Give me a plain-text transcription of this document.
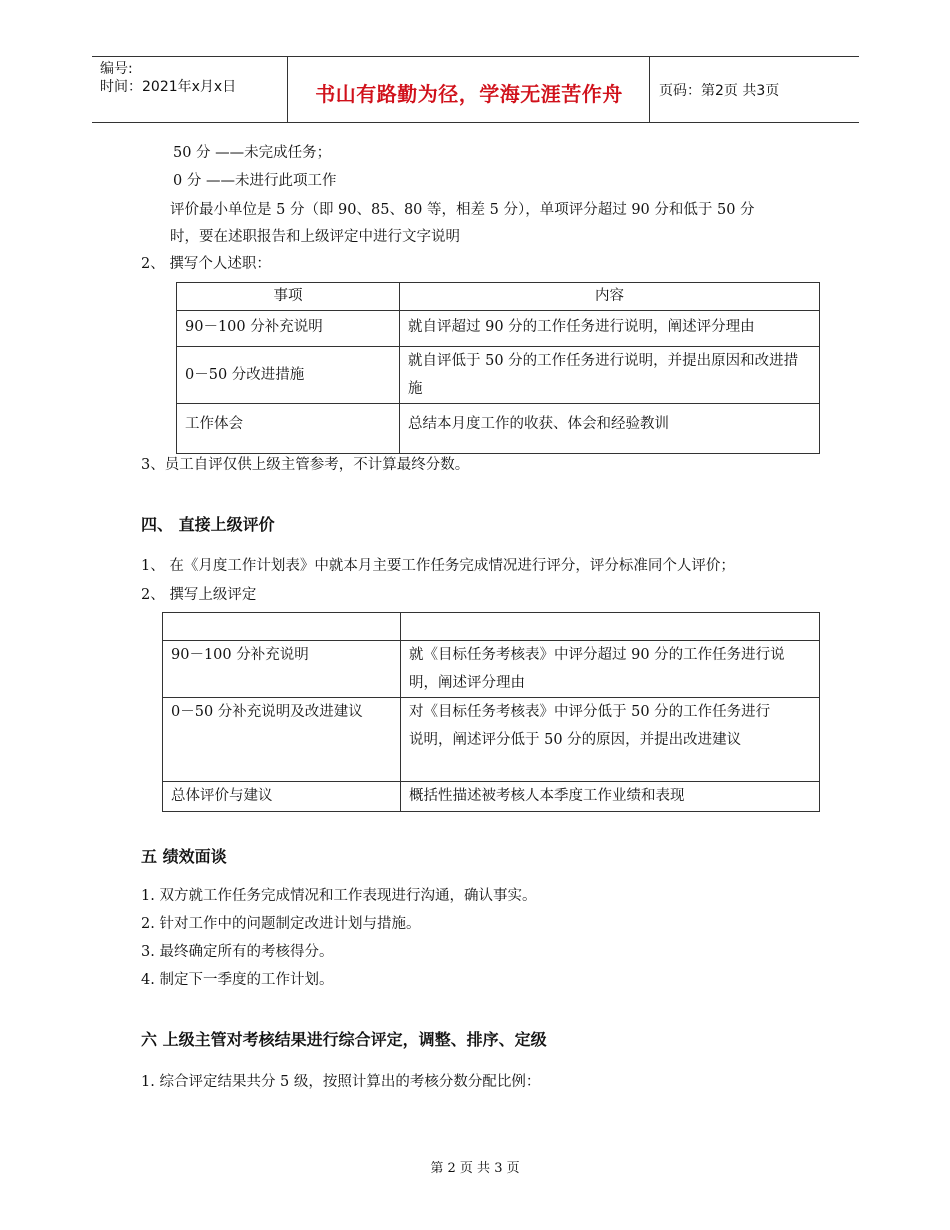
编号:
时间：2021年x月x日	书山有路勤为径，学海无涯苦作舟	页码：第2页 共3页
50 分 ——未完成任务；
0 分 ——未进行此项工作
评价最小单位是 5 分（即 90、85、80 等，相差 5 分），单项评分超过 90 分和低于 50 分
时，要在述职报告和上级评定中进行文字说明
2、 撰写个人述职：
事项	内容
90－100 分补充说明	就自评超过 90 分的工作任务进行说明，阐述评分理由
0－50 分改进措施	就自评低于 50 分的工作任务进行说明，并提出原因和改进措施
工作体会	总结本月度工作的收获、体会和经验教训
3、员工自评仅供上级主管参考，不计算最终分数。
四、 直接上级评价
1、 在《月度工作计划表》中就本月主要工作任务完成情况进行评分，评分标准同个人评价；
2、 撰写上级评定

90－100 分补充说明	就《目标任务考核表》中评分超过 90 分的工作任务进行说明，阐述评分理由
0－50 分补充说明及改进建议	对《目标任务考核表》中评分低于 50 分的工作任务进行
说明，阐述评分低于 50 分的原因，并提出改进建议

总体评价与建议	概括性描述被考核人本季度工作业绩和表现
五 绩效面谈
1. 双方就工作任务完成情况和工作表现进行沟通，确认事实。
2. 针对工作中的问题制定改进计划与措施。
3. 最终确定所有的考核得分。
4. 制定下一季度的工作计划。
六 上级主管对考核结果进行综合评定，调整、排序、定级
1. 综合评定结果共分 5 级，按照计算出的考核分数分配比例：
第 2 页 共 3 页
